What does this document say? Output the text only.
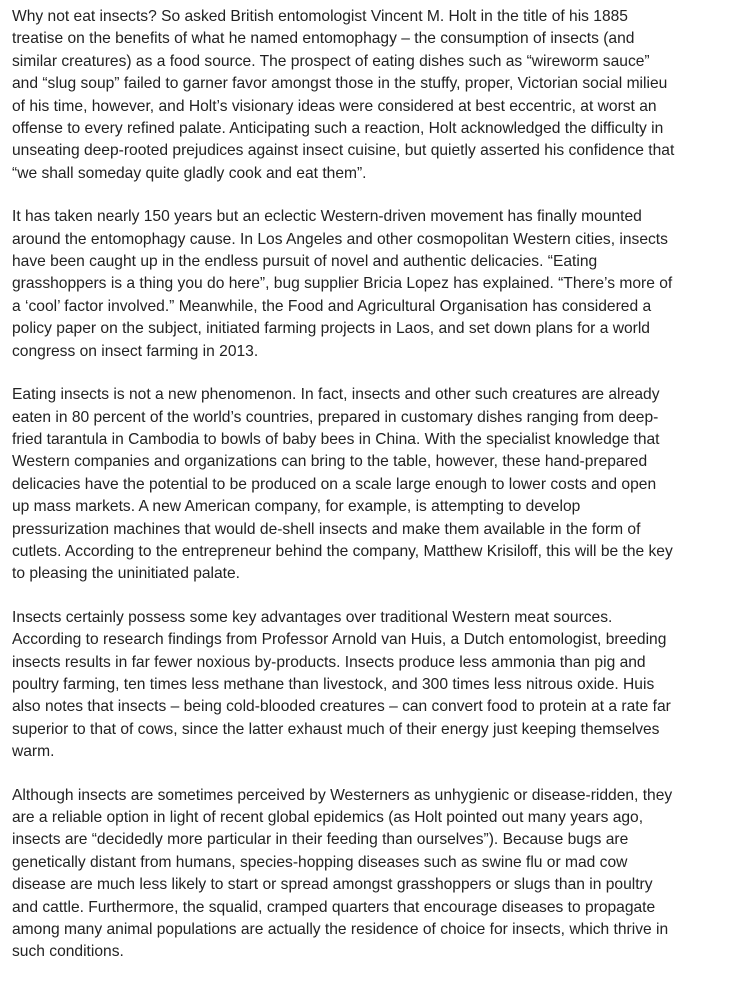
Why not eat insects? So asked British entomologist Vincent M. Holt in the title of his 1885
treatise on the benefits of what he named entomophagy – the consumption of insects (and
similar creatures) as a food source. The prospect of eating dishes such as “wireworm sauce”
and “slug soup” failed to garner favor amongst those in the stuffy, proper, Victorian social milieu
of his time, however, and Holt’s visionary ideas were considered at best eccentric, at worst an
offense to every refined palate. Anticipating such a reaction, Holt acknowledged the difficulty in
unseating deep-rooted prejudices against insect cuisine, but quietly asserted his confidence that
“we shall someday quite gladly cook and eat them”.

It has taken nearly 150 years but an eclectic Western-driven movement has finally mounted
around the entomophagy cause. In Los Angeles and other cosmopolitan Western cities, insects
have been caught up in the endless pursuit of novel and authentic delicacies. “Eating
grasshoppers is a thing you do here”, bug supplier Bricia Lopez has explained. “There’s more of
a ‘cool’ factor involved.” Meanwhile, the Food and Agricultural Organisation has considered a
policy paper on the subject, initiated farming projects in Laos, and set down plans for a world
congress on insect farming in 2013.

Eating insects is not a new phenomenon. In fact, insects and other such creatures are already
eaten in 80 percent of the world’s countries, prepared in customary dishes ranging from deep-
fried tarantula in Cambodia to bowls of baby bees in China. With the specialist knowledge that
Western companies and organizations can bring to the table, however, these hand-prepared
delicacies have the potential to be produced on a scale large enough to lower costs and open
up mass markets. A new American company, for example, is attempting to develop
pressurization machines that would de-shell insects and make them available in the form of
cutlets. According to the entrepreneur behind the company, Matthew Krisiloff, this will be the key
to pleasing the uninitiated palate.

Insects certainly possess some key advantages over traditional Western meat sources.
According to research findings from Professor Arnold van Huis, a Dutch entomologist, breeding
insects results in far fewer noxious by-products. Insects produce less ammonia than pig and
poultry farming, ten times less methane than livestock, and 300 times less nitrous oxide. Huis
also notes that insects – being cold-blooded creatures – can convert food to protein at a rate far
superior to that of cows, since the latter exhaust much of their energy just keeping themselves
warm.

Although insects are sometimes perceived by Westerners as unhygienic or disease-ridden, they
are a reliable option in light of recent global epidemics (as Holt pointed out many years ago,
insects are “decidedly more particular in their feeding than ourselves”). Because bugs are
genetically distant from humans, species-hopping diseases such as swine flu or mad cow
disease are much less likely to start or spread amongst grasshoppers or slugs than in poultry
and cattle. Furthermore, the squalid, cramped quarters that encourage diseases to propagate
among many animal populations are actually the residence of choice for insects, which thrive in
such conditions.
